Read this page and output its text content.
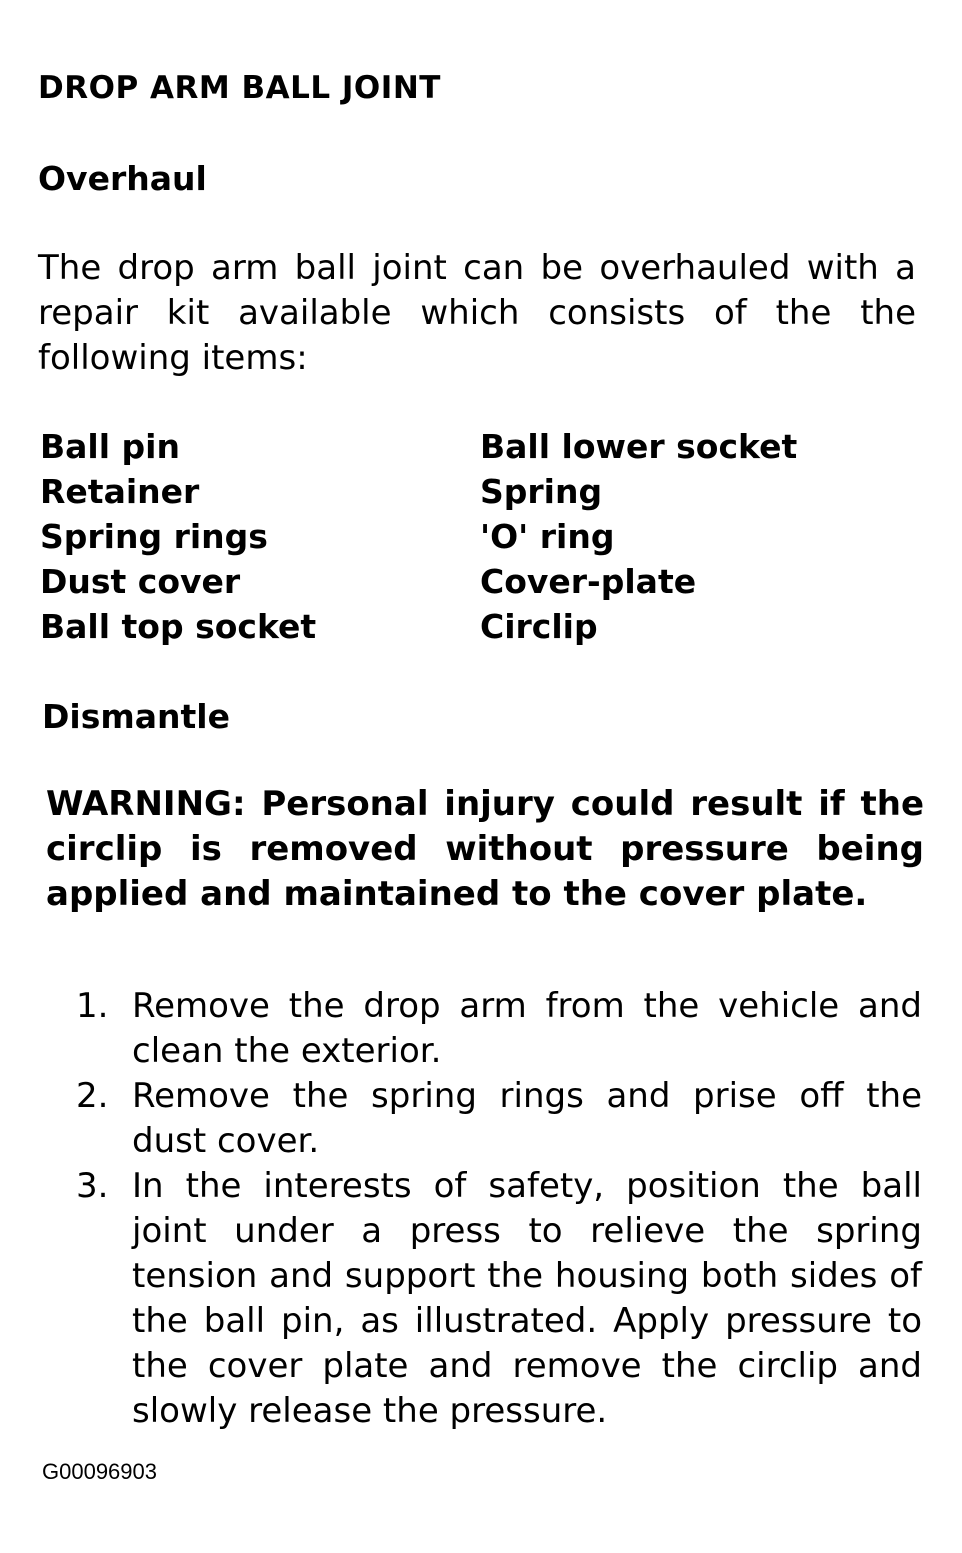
DROP ARM BALL JOINT
Overhaul
The drop arm ball joint can be overhauled with a repair kit available which consists of the the following items:
Ball pin
Retainer
Spring rings
Dust cover
Ball top socket
Ball lower socket
Spring
'O' ring
Cover-plate
Circlip
Dismantle
WARNING: Personal injury could result if the circlip is removed without pressure being applied and maintained to the cover plate.
1. Remove the drop arm from the vehicle and clean the exterior.
2. Remove the spring rings and prise off the dust cover.
3. In the interests of safety, position the ball joint under a press to relieve the spring tension and support the housing both sides of the ball pin, as illustrated. Apply pressure to the cover plate and remove the circlip and slowly release the pressure.
G00096903
